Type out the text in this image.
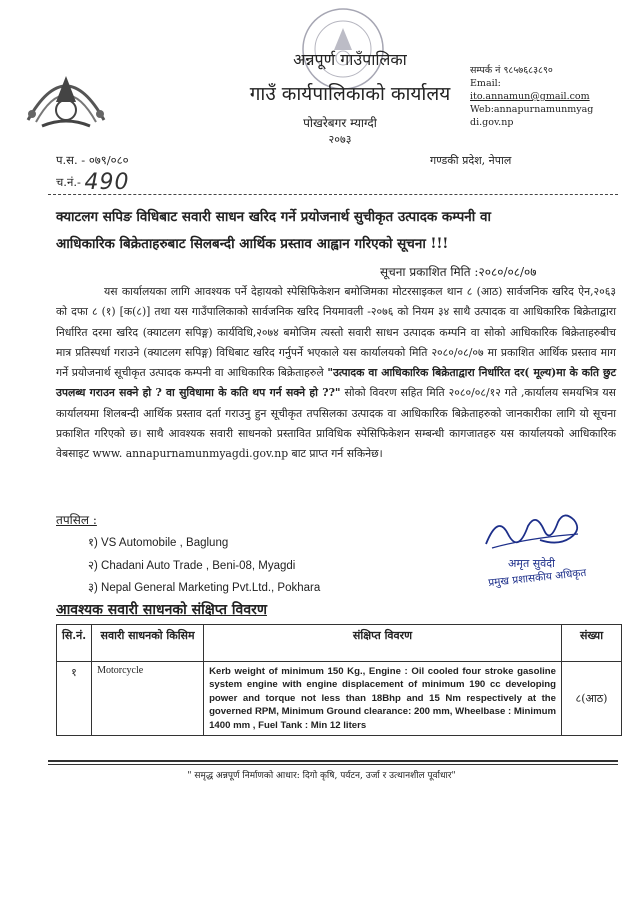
अन्नपूर्ण गाउँपालिका
गाउँ कार्यपालिकाको कार्यालय
पोखरेबगर म्याग्दी
२०७३
सम्पर्क नं ९८५७६८३८९०
Email:
ito.annamun@gmail.com
Web:annapurnamunmyag
di.gov.np
प.स. - ०७९/०८०
च.नं.- 490
गण्डकी प्रदेश, नेपाल
क्याटलग सपिङ विधिबाट सवारी साधन खरिद गर्ने प्रयोजनार्थ सुचीकृत उत्पादक कम्पनी वा
आधिकारिक बिक्रेताहरुबाट सिलबन्दी आर्थिक प्रस्ताव आह्वान गरिएको सूचना !!!
सूचना प्रकाशित मिति :२०८०/०८/०७
यस कार्यालयका लागि आवश्यक पर्ने देहायको स्पेसिफिकेशन बमोजिमका मोटरसाइकल थान ८ (आठ) सार्वजनिक खरिद ऐन,२०६३ को दफा ८ (१) [क(८)] तथा यस गाउँपालिकाको सार्वजनिक खरिद नियमावली -२०७६ को नियम ३४ साथै उत्पादक वा आधिकारिक बिक्रेताद्वारा निर्धारित दरमा खरिद (क्याटलग सपिङ्ग) कार्यविधि,२०७४ बमोजिम त्यस्तो सवारी साधन उत्पादक कम्पनि वा सोको आधिकारिक बिक्रेताहरुबीच मात्र प्रतिस्पर्धा गराउने (क्याटलग सपिङ्ग) विधिबाट खरिद गर्नुपर्ने भएकाले यस कार्यालयको मिति २०८०/०८/०७ मा प्रकाशित आर्थिक प्रस्ताव माग गर्ने प्रयोजनार्थ सूचीकृत उत्पादक कम्पनी वा आधिकारिक बिक्रेताहरुले "उत्पादक वा आधिकारिक बिक्रेताद्वारा निर्धारित दर( मूल्य)मा के कति छुट उपलब्ध गराउन सक्ने हो ? वा सुविधामा के कति थप गर्न सक्ने हो ??" सोको विवरण सहित मिति २०८०/०८/१२ गते ,कार्यालय समयभित्र यस कार्यालयमा शिलबन्दी आर्थिक प्रस्ताव दर्ता गराउनु हुन सूचीकृत तपसिलका उत्पादक वा आधिकारिक बिक्रेताहरुको जानकारीका लागि यो सूचना प्रकाशित गरिएको छ। साथै आवश्यक सवारी साधनको प्रस्तावित प्राविधिक स्पेसिफिकेशन सम्बन्धी कागजातहरु यस कार्यालयको आधिकारिक वेबसाइट www. annapurnamunmyagdi.gov.np बाट प्राप्त गर्न सकिनेछ।
तपसिल :
१) VS Automobile , Baglung
२) Chadani Auto Trade , Beni-08, Myagdi
३) Nepal General Marketing Pvt.Ltd., Pokhara
अमृत सुवेदी
प्रमुख प्रशासकीय अधिकृत
आवश्यक सवारी साधनको संक्षिप्त विवरण
सि.नं.	सवारी साधनको किसिम	संक्षिप्त विवरण	संख्या
१	Motorcycle	Kerb weight of minimum 150 Kg., Engine : Oil cooled four stroke gasoline system engine with engine displacement of minimum 190 cc developing power and torque not less than 18Bhp and 15 Nm respectively at the governed RPM, Minimum Ground clearance: 200 mm, Wheelbase : Minimum 1400 mm , Fuel Tank : Min 12 liters	८(आठ)
" समृद्ध अन्नपूर्ण निर्माणको आधार: दिगो कृषि, पर्यटन, उर्जा र उत्थानशील पूर्वाधार"
